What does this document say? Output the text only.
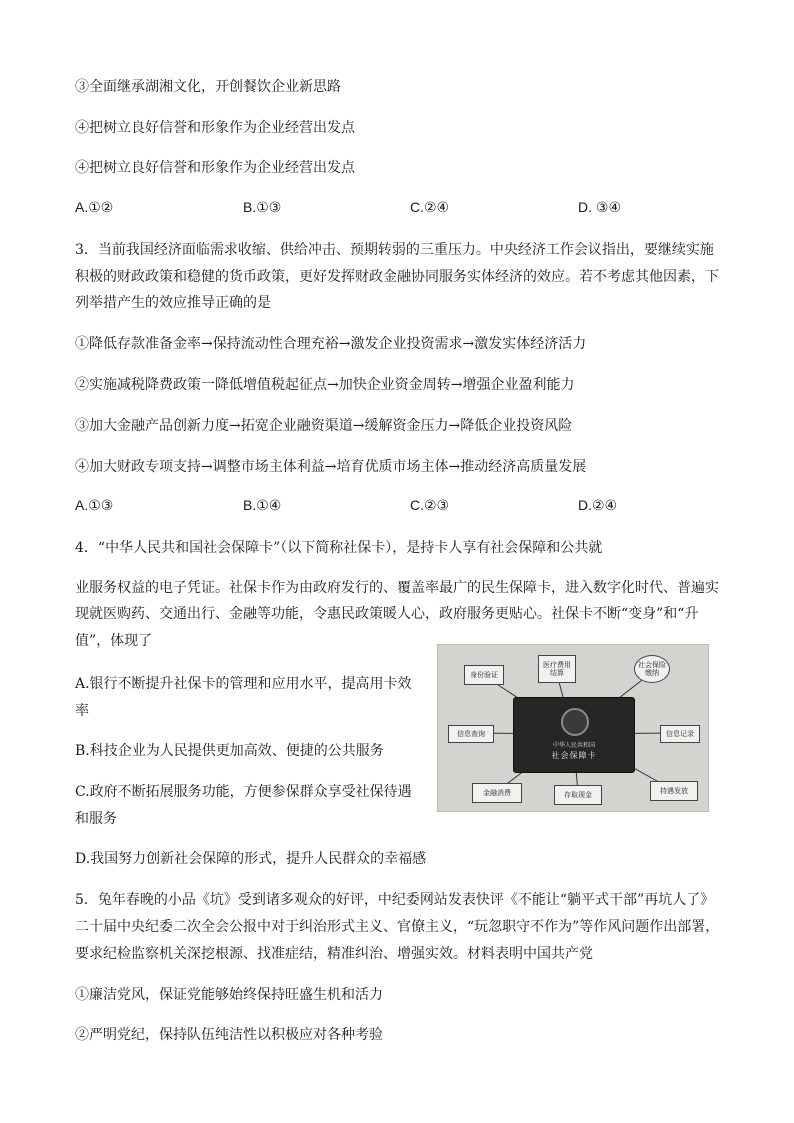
③全面继承湖湘文化，开创餐饮企业新思路
④把树立良好信誉和形象作为企业经营出发点
④把树立良好信誉和形象作为企业经营出发点
A.①②	B.①③	C.②④	D. ③④
3．当前我国经济面临需求收缩、供给冲击、预期转弱的三重压力。中央经济工作会议指出，要继续实施
积极的财政政策和稳健的货币政策，更好发挥财政金融协同服务实体经济的效应。若不考虑其他因素，下
列举措产生的效应推导正确的是
①降低存款准备金率→保持流动性合理充裕→激发企业投资需求→激发实体经济活力
②实施减税降费政策一降低增值税起征点→加快企业资金周转→增强企业盈利能力
③加大金融产品创新力度→拓宽企业融资渠道→缓解资金压力→降低企业投资风险
④加大财政专项支持→调整市场主体利益→培育优质市场主体→推动经济高质量发展
A.①③	B.①④	C.②③	D.②④
4．“中华人民共和国社会保障卡”（以下简称社保卡），是持卡人享有社会保障和公共就
业服务权益的电子凭证。社保卡作为由政府发行的、覆盖率最广的民生保障卡，进入数字化时代、普遍实
现就医购药、交通出行、金融等功能，令惠民政策暖人心，政府服务更贴心。社保卡不断“变身”和“升
值”，体现了
A.银行不断提升社保卡的管理和应用水平，提高用卡效
率
B.科技企业为人民提供更加高效、便捷的公共服务
C.政府不断拓展服务功能，方便参保群众享受社保待遇
和服务
D.我国努力创新社会保障的形式，提升人民群众的幸福感
身份验证
医疗费用
结算
社会保险
缴纳
信息查询	信息记录
持遇发放
金融消费	存取现金
中华人民共和国
社会保障卡
5．兔年春晚的小品《坑》受到诸多观众的好评，中纪委网站发表快评《不能让“躺平式干部”再坑人了》
二十届中央纪委二次全会公报中对于纠治形式主义、官僚主义，“玩忽职守不作为”等作风问题作出部署，
要求纪检监察机关深挖根源、找准症结，精准纠治、增强实效。材料表明中国共产党
①廉洁党风，保证党能够始终保持旺盛生机和活力
②严明党纪，保持队伍纯洁性以积极应对各种考验
